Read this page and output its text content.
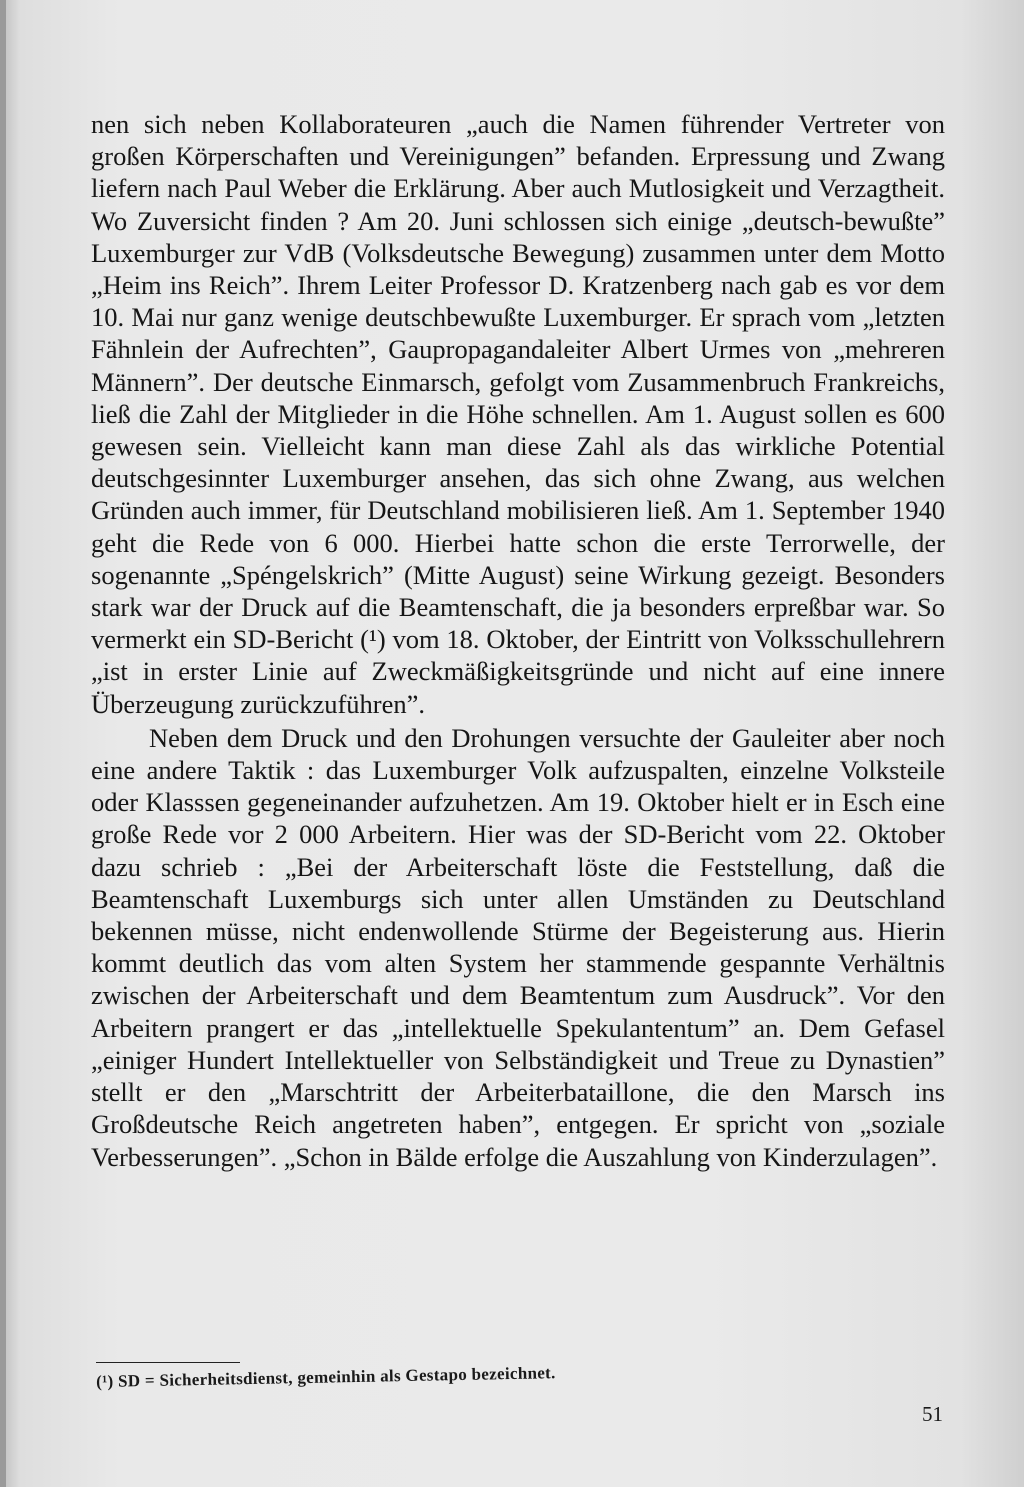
nen sich neben Kollaborateuren „auch die Namen führender Vertreter von großen Körperschaften und Vereinigungen” befanden. Erpressung und Zwang liefern nach Paul Weber die Erklärung. Aber auch Mutlosigkeit und Verzagtheit. Wo Zuversicht finden ? Am 20. Juni schlossen sich einige „deutsch-bewußte” Luxemburger zur VdB (Volksdeutsche Bewegung) zusammen unter dem Motto „Heim ins Reich”. Ihrem Leiter Professor D. Kratzenberg nach gab es vor dem 10. Mai nur ganz wenige deutschbewußte Luxemburger. Er sprach vom „letzten Fähnlein der Aufrechten”, Gaupropagandaleiter Albert Urmes von „mehreren Männern”. Der deutsche Einmarsch, gefolgt vom Zusammenbruch Frankreichs, ließ die Zahl der Mitglieder in die Höhe schnellen. Am 1. August sollen es 600 gewesen sein. Vielleicht kann man diese Zahl als das wirkliche Potential deutschgesinnter Luxemburger ansehen, das sich ohne Zwang, aus welchen Gründen auch immer, für Deutschland mobilisieren ließ. Am 1. September 1940 geht die Rede von 6 000. Hierbei hatte schon die erste Terrorwelle, der sogenannte „Spéngelskrich” (Mitte August) seine Wirkung gezeigt. Besonders stark war der Druck auf die Beamtenschaft, die ja besonders erpreßbar war. So vermerkt ein SD-Bericht (¹) vom 18. Oktober, der Eintritt von Volksschullehrern „ist in erster Linie auf Zweckmäßigkeitsgründe und nicht auf eine innere Überzeugung zurückzuführen”.

Neben dem Druck und den Drohungen versuchte der Gauleiter aber noch eine andere Taktik : das Luxemburger Volk aufzuspalten, einzelne Volksteile oder Klasssen gegeneinander aufzuhetzen. Am 19. Oktober hielt er in Esch eine große Rede vor 2 000 Arbeitern. Hier was der SD-Bericht vom 22. Oktober dazu schrieb : „Bei der Arbeiterschaft löste die Feststellung, daß die Beamtenschaft Luxemburgs sich unter allen Umständen zu Deutschland bekennen müsse, nicht endenwollende Stürme der Begeisterung aus. Hierin kommt deutlich das vom alten System her stammende gespannte Verhältnis zwischen der Arbeiterschaft und dem Beamtentum zum Ausdruck”. Vor den Arbeitern prangert er das „intellektuelle Spekulantentum” an. Dem Gefasel „einiger Hundert Intellektueller von Selbständigkeit und Treue zu Dynastien” stellt er den „Marschtritt der Arbeiterbataillone, die den Marsch ins Großdeutsche Reich angetreten haben”, entgegen. Er spricht von „soziale Verbesserungen”. „Schon in Bälde erfolge die Auszahlung von Kinderzulagen”.

(¹) SD = Sicherheitsdienst, gemeinhin als Gestapo bezeichnet.
51
